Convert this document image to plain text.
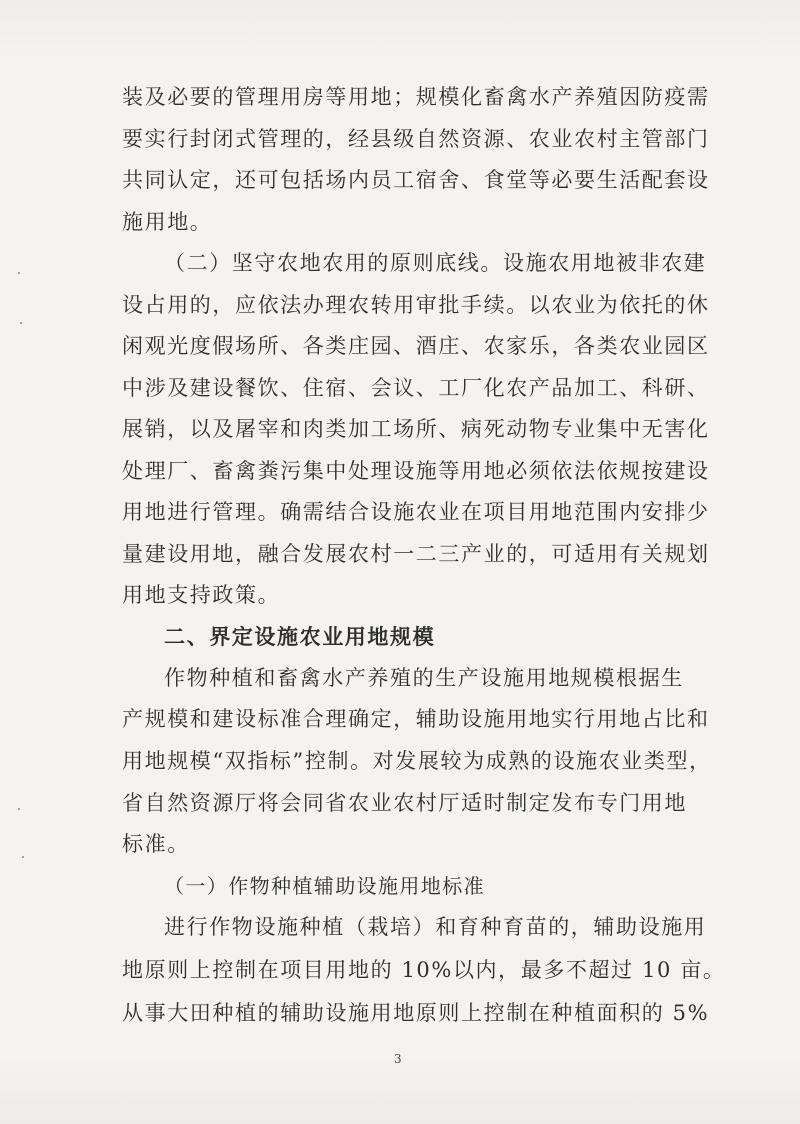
装及必要的管理用房等用地；规模化畜禽水产养殖因防疫需
要实行封闭式管理的，经县级自然资源、农业农村主管部门
共同认定，还可包括场内员工宿舍、食堂等必要生活配套设
施用地。
（二）坚守农地农用的原则底线。设施农用地被非农建
设占用的，应依法办理农转用审批手续。以农业为依托的休
闲观光度假场所、各类庄园、酒庄、农家乐，各类农业园区
中涉及建设餐饮、住宿、会议、工厂化农产品加工、科研、
展销，以及屠宰和肉类加工场所、病死动物专业集中无害化
处理厂、畜禽粪污集中处理设施等用地必须依法依规按建设
用地进行管理。确需结合设施农业在项目用地范围内安排少
量建设用地，融合发展农村一二三产业的，可适用有关规划
用地支持政策。
二、界定设施农业用地规模
作物种植和畜禽水产养殖的生产设施用地规模根据生
产规模和建设标准合理确定，辅助设施用地实行用地占比和
用地规模“双指标”控制。对发展较为成熟的设施农业类型，
省自然资源厅将会同省农业农村厅适时制定发布专门用地
标准。
（一）作物种植辅助设施用地标准
进行作物设施种植（栽培）和育种育苗的，辅助设施用
3
地原则上控制在项目用地的 10%以内，最多不超过 10 亩。
从事大田种植的辅助设施用地原则上控制在种植面积的 5%
